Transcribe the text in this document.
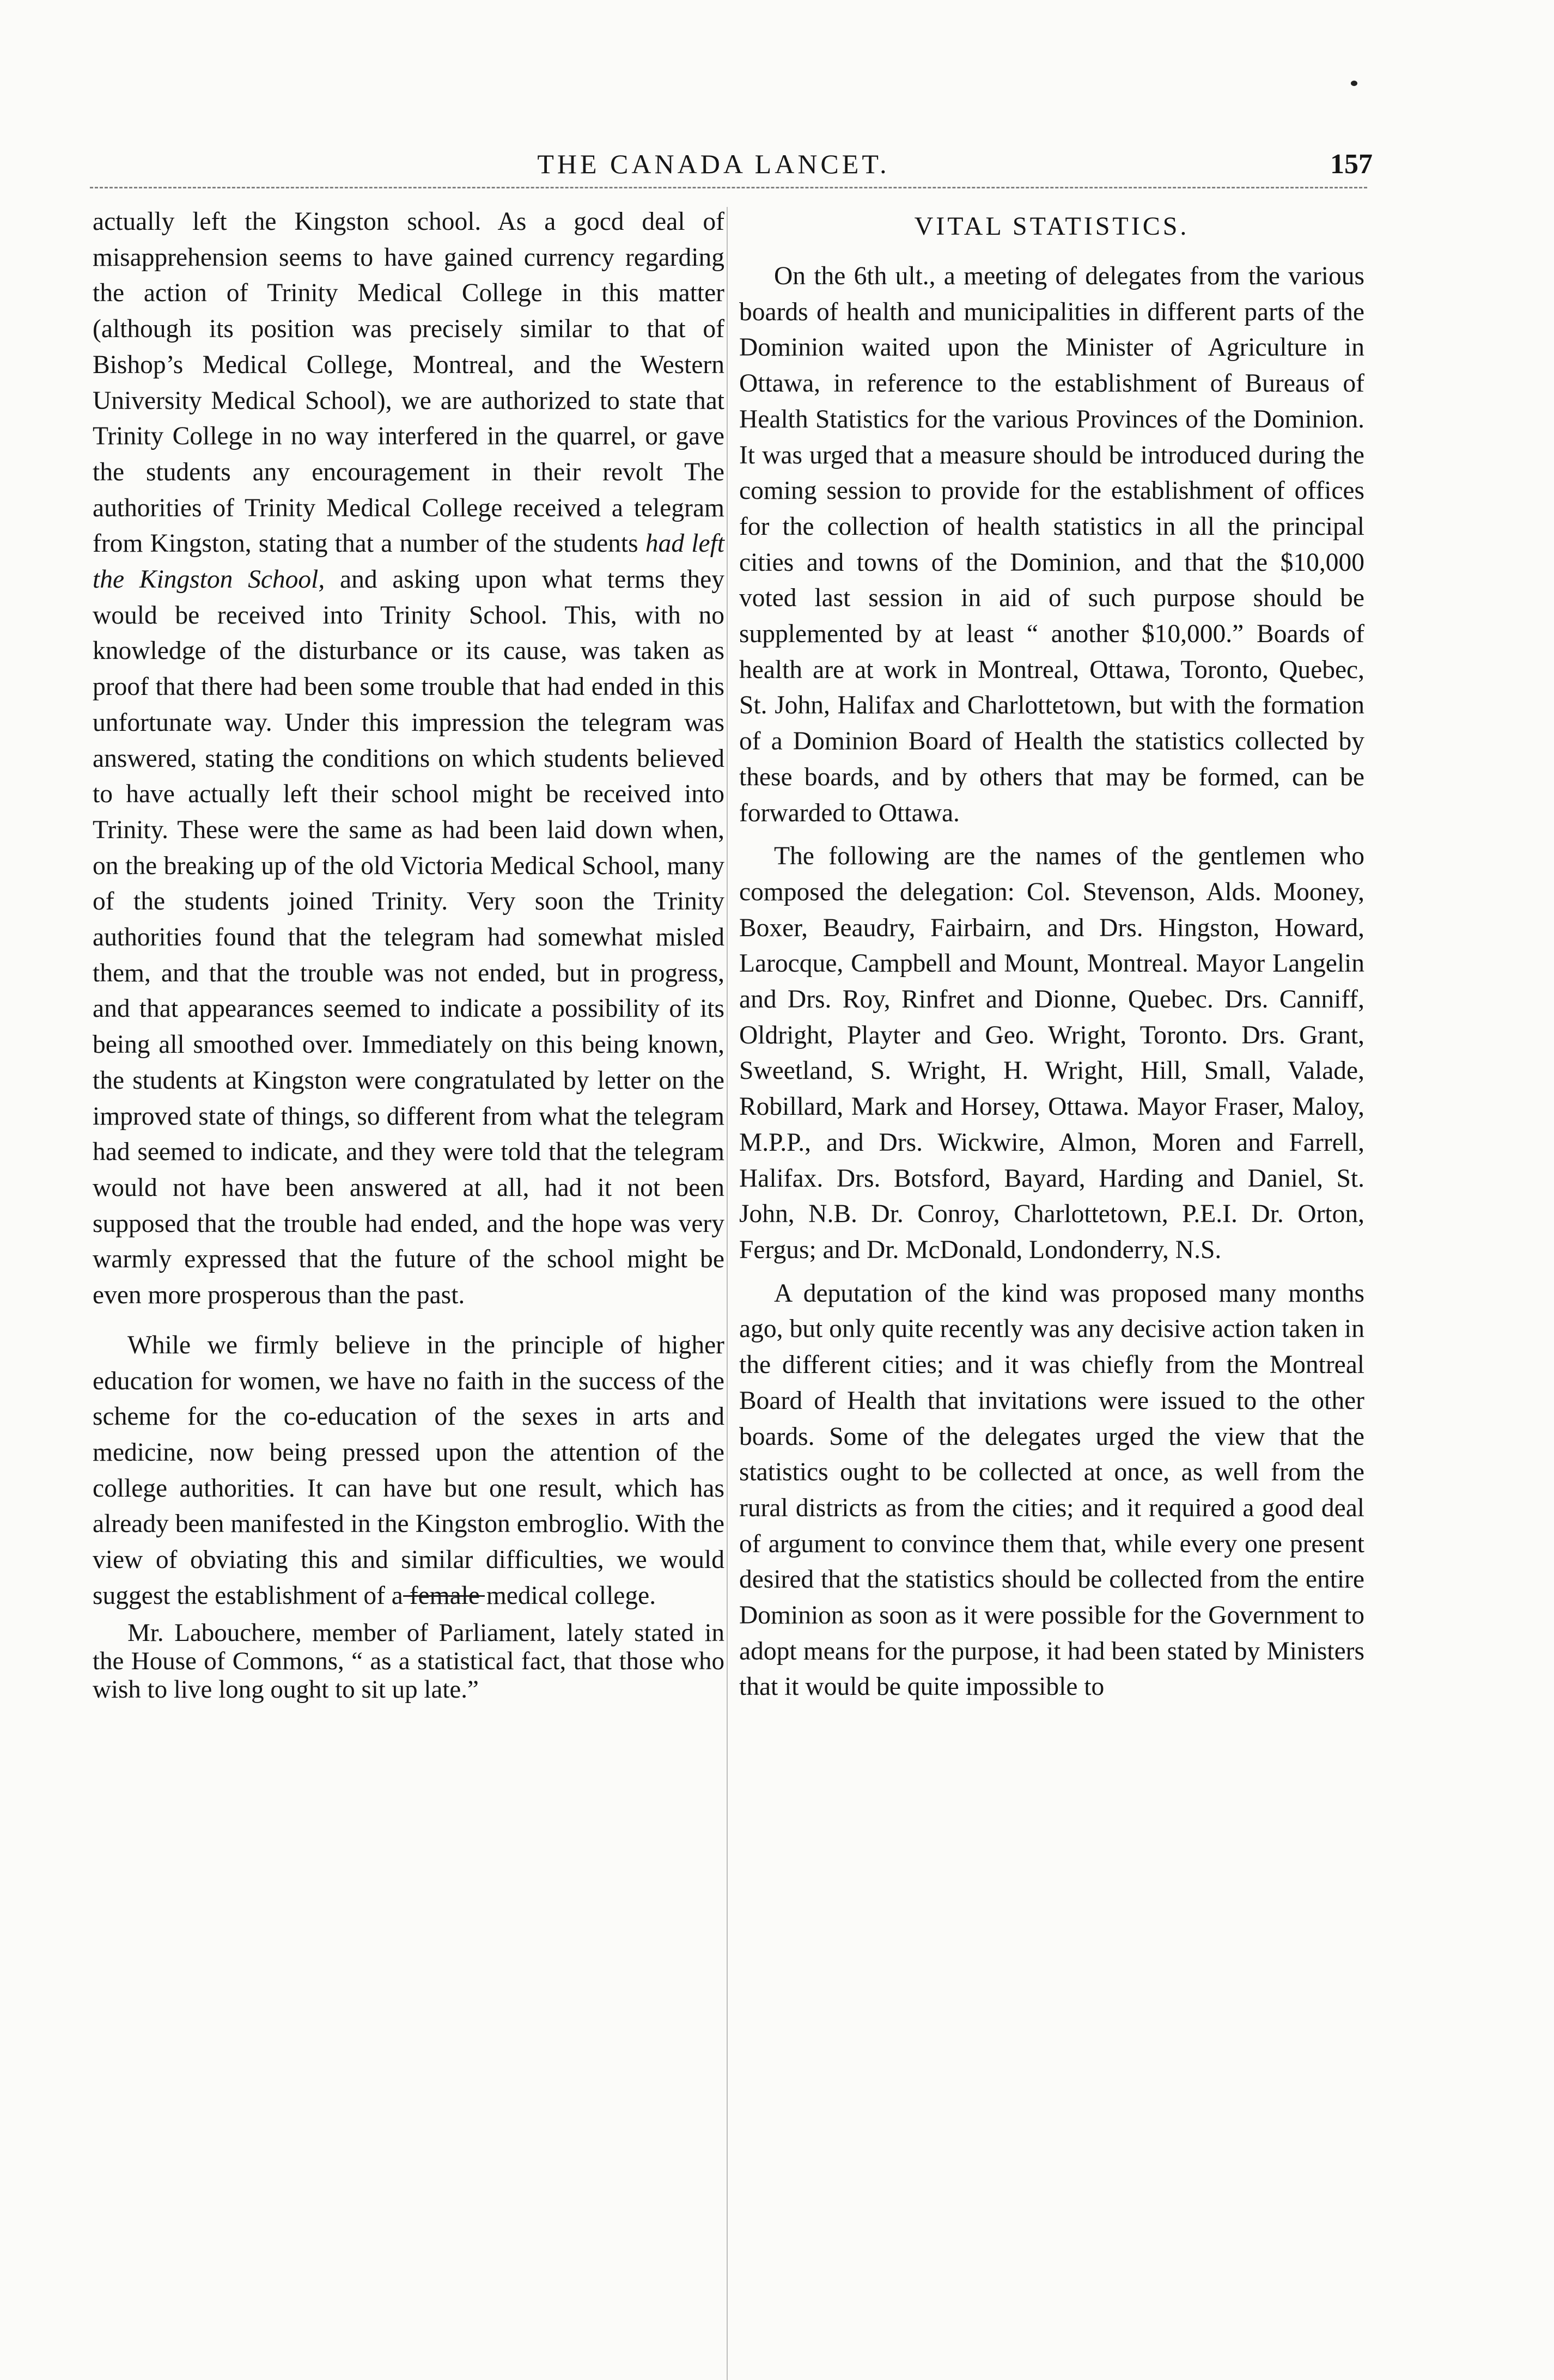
THE CANADA LANCET.	157

actually left the Kingston school. As a gocd deal of misapprehension seems to have gained currency regarding the action of Trinity Medical College in this matter (although its position was precisely similar to that of Bishop’s Medical College, Montreal, and the Western University Medical School), we are authorized to state that Trinity College in no way interfered in the quarrel, or gave the students any encouragement in their revolt The authorities of Trinity Medical College received a telegram from Kingston, stating that a number of the students had left the Kingston School, and asking upon what terms they would be received into Trinity School. This, with no knowledge of the disturbance or its cause, was taken as proof that there had been some trouble that had ended in this unfortunate way. Under this impression the telegram was answered, stating the conditions on which students believed to have actually left their school might be received into Trinity. These were the same as had been laid down when, on the breaking up of the old Victoria Medical School, many of the students joined Trinity. Very soon the Trinity authorities found that the telegram had somewhat misled them, and that the trouble was not ended, but in progress, and that appearances seemed to indicate a possibility of its being all smoothed over. Immediately on this being known, the students at Kingston were congratulated by letter on the improved state of things, so different from what the telegram had seemed to indicate, and they were told that the telegram would not have been answered at all, had it not been supposed that the trouble had ended, and the hope was very warmly expressed that the future of the school might be even more prosperous than the past.

While we firmly believe in the principle of higher education for women, we have no faith in the success of the scheme for the co-education of the sexes in arts and medicine, now being pressed upon the attention of the college authorities. It can have but one result, which has already been manifested in the Kingston embroglio. With the view of obviating this and similar difficulties, we would suggest the establishment of a female medical college.

Mr. Labouchere, member of Parliament, lately stated in the House of Commons, “ as a statistical fact, that those who wish to live long ought to sit up late.”

VITAL STATISTICS.

On the 6th ult., a meeting of delegates from the various boards of health and municipalities in different parts of the Dominion waited upon the Minister of Agriculture in Ottawa, in reference to the establishment of Bureaus of Health Statistics for the various Provinces of the Dominion. It was urged that a measure should be introduced during the coming session to provide for the establishment of offices for the collection of health statistics in all the principal cities and towns of the Dominion, and that the $10,000 voted last session in aid of such purpose should be supplemented by at least “ another $10,000.” Boards of health are at work in Montreal, Ottawa, Toronto, Quebec, St. John, Halifax and Charlottetown, but with the formation of a Dominion Board of Health the statistics collected by these boards, and by others that may be formed, can be forwarded to Ottawa.

The following are the names of the gentlemen who composed the delegation: Col. Stevenson, Alds. Mooney, Boxer, Beaudry, Fairbairn, and Drs. Hingston, Howard, Larocque, Campbell and Mount, Montreal. Mayor Langelin and Drs. Roy, Rinfret and Dionne, Quebec. Drs. Canniff, Oldright, Playter and Geo. Wright, Toronto. Drs. Grant, Sweetland, S. Wright, H. Wright, Hill, Small, Valade, Robillard, Mark and Horsey, Ottawa. Mayor Fraser, Maloy, M.P.P., and Drs. Wickwire, Almon, Moren and Farrell, Halifax. Drs. Botsford, Bayard, Harding and Daniel, St. John, N.B. Dr. Conroy, Charlottetown, P.E.I. Dr. Orton, Fergus; and Dr. McDonald, Londonderry, N.S.

A deputation of the kind was proposed many months ago, but only quite recently was any decisive action taken in the different cities; and it was chiefly from the Montreal Board of Health that invitations were issued to the other boards. Some of the delegates urged the view that the statistics ought to be collected at once, as well from the rural districts as from the cities; and it required a good deal of argument to convince them that, while every one present desired that the statistics should be collected from the entire Dominion as soon as it were possible for the Government to adopt means for the purpose, it had been stated by Ministers that it would be quite impossible to
